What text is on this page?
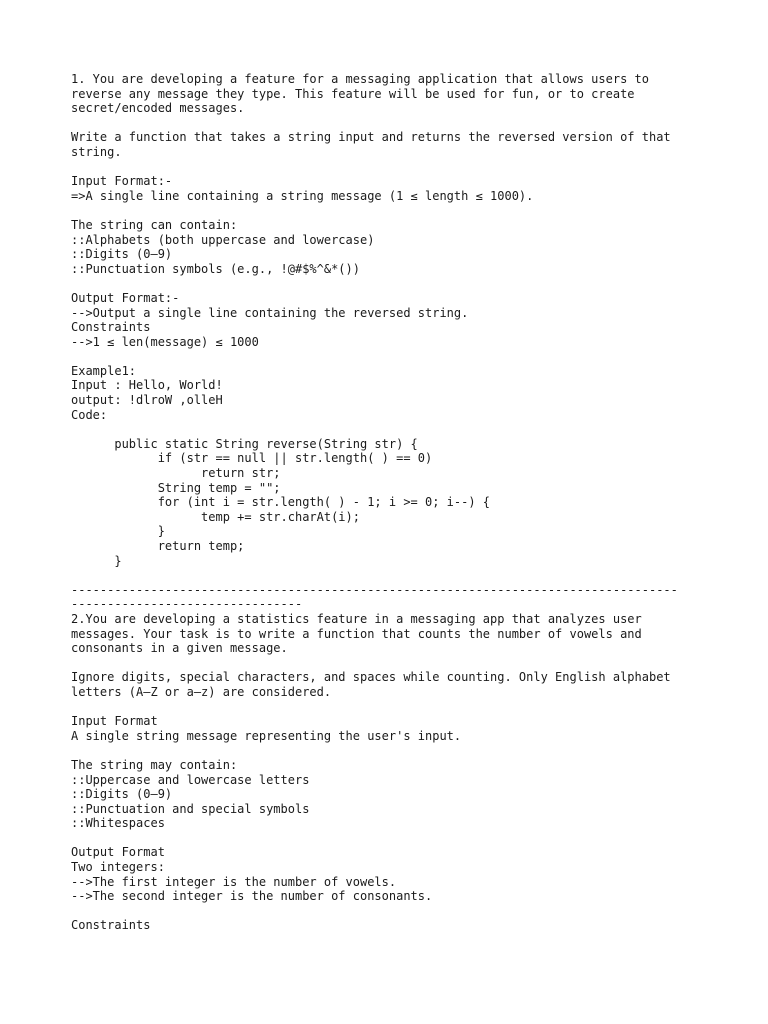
1. You are developing a feature for a messaging application that allows users to
reverse any message they type. This feature will be used for fun, or to create
secret/encoded messages.
Write a function that takes a string input and returns the reversed version of that
string.
Input Format:-
=>A single line containing a string message (1 ≤ length ≤ 1000).
The string can contain:
::Alphabets (both uppercase and lowercase)
::Digits (0–9)
::Punctuation symbols (e.g., !@#$%^&*())
Output Format:-
-->Output a single line containing the reversed string.
Constraints
-->1 ≤ len(message) ≤ 1000
Example1:
Input : Hello, World!
output: !dlroW ,olleH
Code:
public static String reverse(String str) {
if (str == null || str.length( ) == 0)
return str;
String temp = "";
for (int i = str.length( ) - 1; i >= 0; i--) {
temp += str.charAt(i);
}
return temp;
}
------------------------------------------------------------------------------------
--------------------------------
2.You are developing a statistics feature in a messaging app that analyzes user
messages. Your task is to write a function that counts the number of vowels and
consonants in a given message.
Ignore digits, special characters, and spaces while counting. Only English alphabet
letters (A–Z or a–z) are considered.
Input Format
A single string message representing the user's input.
The string may contain:
::Uppercase and lowercase letters
::Digits (0–9)
::Punctuation and special symbols
::Whitespaces
Output Format
Two integers:
-->The first integer is the number of vowels.
-->The second integer is the number of consonants.
Constraints
